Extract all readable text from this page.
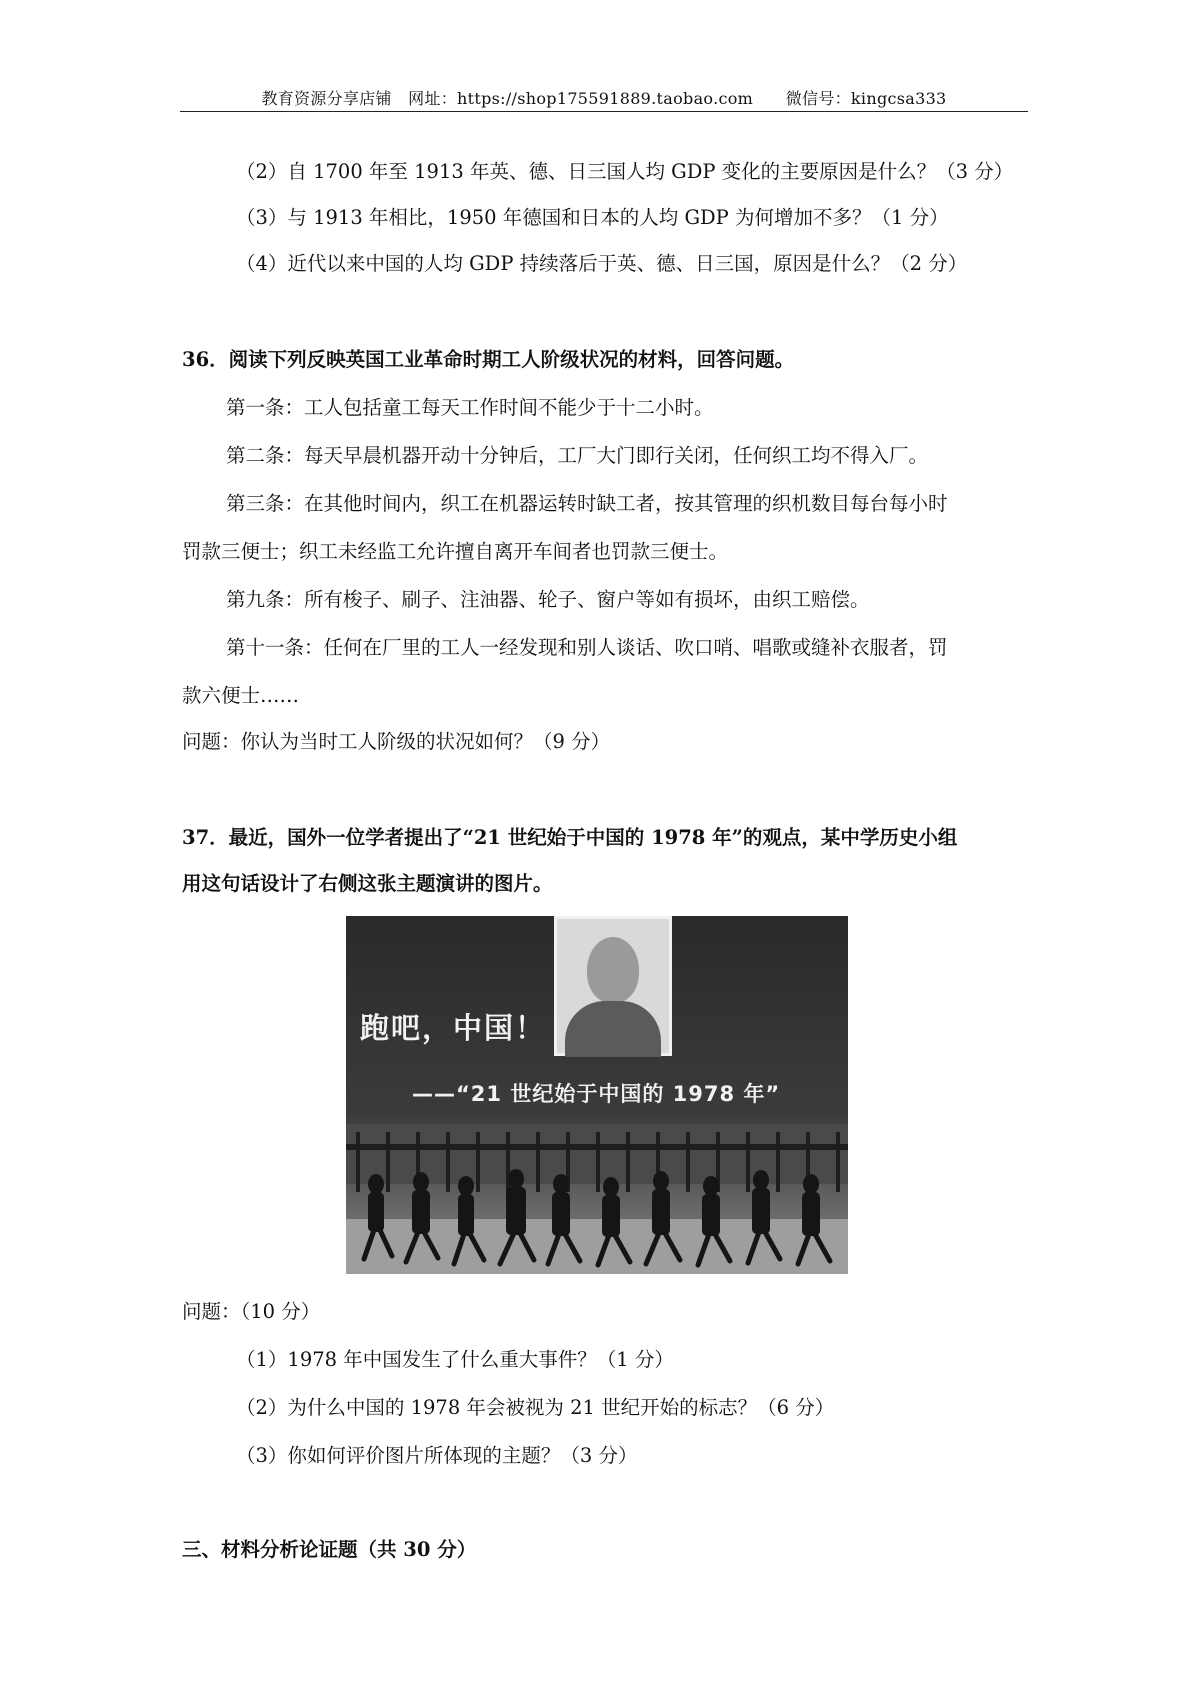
教育资源分享店铺　网址：https://shop175591889.taobao.com　　微信号：kingcsa333
（2）自 1700 年至 1913 年英、德、日三国人均 GDP 变化的主要原因是什么？（3 分）
（3）与 1913 年相比，1950 年德国和日本的人均 GDP 为何增加不多？（1 分）
（4）近代以来中国的人均 GDP 持续落后于英、德、日三国，原因是什么？（2 分）
36．阅读下列反映英国工业革命时期工人阶级状况的材料，回答问题。
第一条：工人包括童工每天工作时间不能少于十二小时。
第二条：每天早晨机器开动十分钟后，工厂大门即行关闭，任何织工均不得入厂。
第三条：在其他时间内，织工在机器运转时缺工者，按其管理的织机数目每台每小时
罚款三便士；织工未经监工允许擅自离开车间者也罚款三便士。
第九条：所有梭子、刷子、注油器、轮子、窗户等如有损坏，由织工赔偿。
第十一条：任何在厂里的工人一经发现和别人谈话、吹口哨、唱歌或缝补衣服者，罚
款六便士……
问题：你认为当时工人阶级的状况如何？（9 分）
37．最近，国外一位学者提出了“21 世纪始于中国的 1978 年”的观点，某中学历史小组
用这句话设计了右侧这张主题演讲的图片。
跑吧，中国！
——“21 世纪始于中国的 1978 年”
问题：（10 分）
（1）1978 年中国发生了什么重大事件？（1 分）
（2）为什么中国的 1978 年会被视为 21 世纪开始的标志？（6 分）
（3）你如何评价图片所体现的主题？（3 分）
三、材料分析论证题（共 30 分）
